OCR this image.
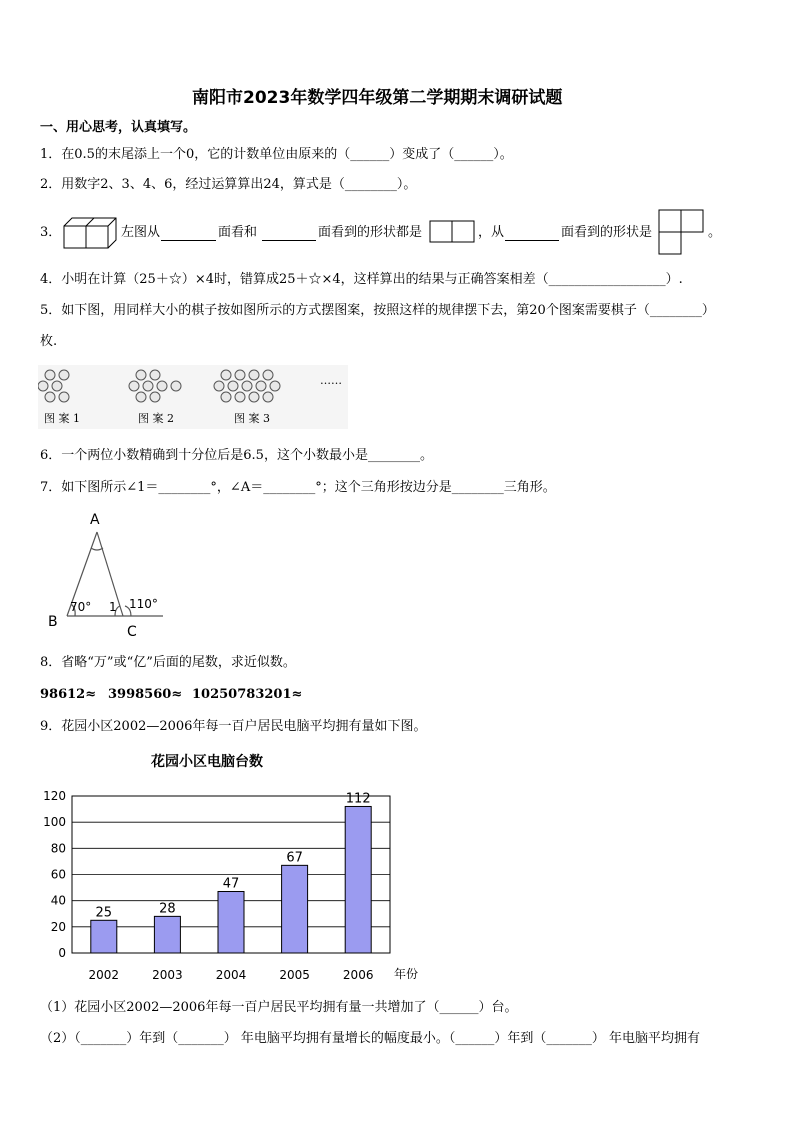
南阳市2023年数学四年级第二学期期末调研试题
一、用心思考，认真填写。
1．在0.5的末尾添上一个0，它的计数单位由原来的（______）变成了（______）。
2．用数字2、3、4、6，经过运算算出24，算式是（________）。
3．	左图从	面看和	面看到的形状都是	，从	面看到的形状是	。
4．小明在计算（25＋☆）×4时，错算成25＋☆×4，这样算出的结果与正确答案相差（__________________）.
5．如下图，用同样大小的棋子按如图所示的方式摆图案，按照这样的规律摆下去，第20个图案需要棋子（________）
枚.
……
图 案 1	图 案 2	图 案 3
6．一个两位小数精确到十分位后是6.5，这个小数最小是________。
7．如下图所示∠1＝________°，∠A＝________°；这个三角形按边分是________三角形。
A
B
C
70° 1 110°
8．省略“万”或“亿”后面的尾数，求近似数。
98612≈ 3998560≈ 10250783201≈
9．花园小区2002—2006年每一百户居民电脑平均拥有量如下图。
花园小区电脑台数
0
20
40
60
80
100
120
25
2002
28
2003
47
2004
67
2005
112
2006 年份
（1）花园小区2002—2006年每一百户居民平均拥有量一共增加了（______）台。
（2）（_______）年到（_______） 年电脑平均拥有量增长的幅度最小。（______）年到（_______） 年电脑平均拥有
